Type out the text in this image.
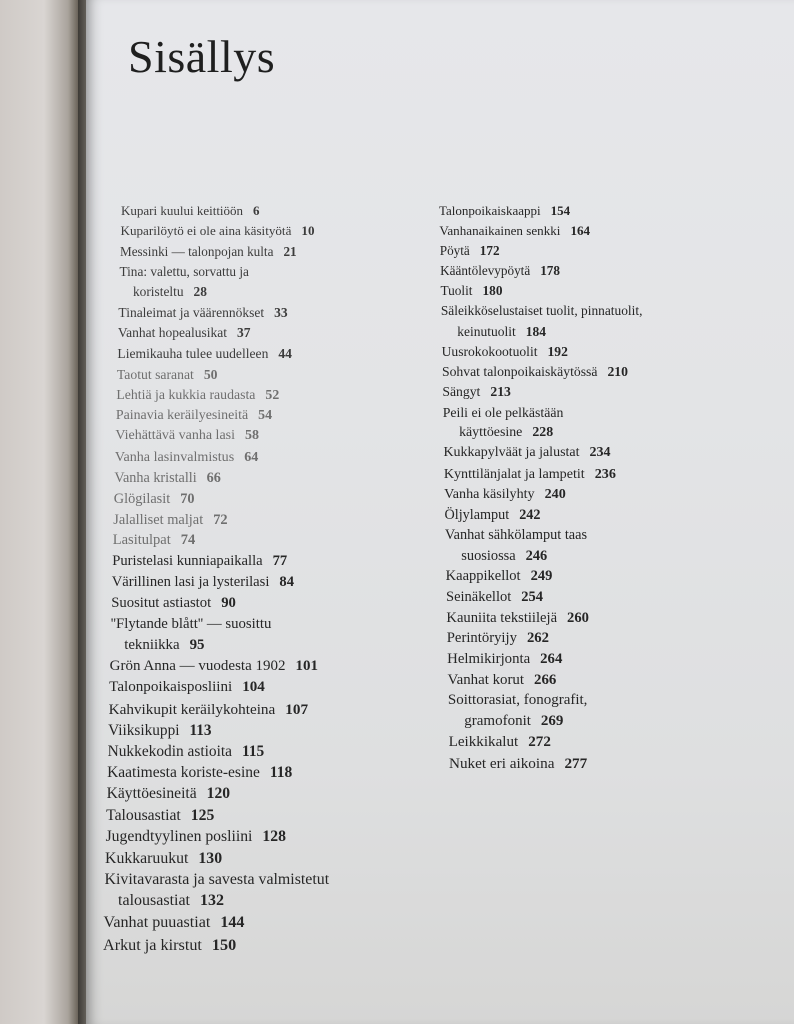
Sisällys
Kupari kuului keittiöön 6
Kuparilöytö ei ole aina käsityötä 10
Messinki — talonpojan kulta 21
Tina: valettu, sorvattu ja
koristeltu 28
Tinaleimat ja väärennökset 33
Vanhat hopealusikat 37
Liemikauha tulee uudelleen 44
Taotut saranat 50
Lehtiä ja kukkia raudasta 52
Painavia keräilyesineitä 54
Viehättävä vanha lasi 58
Vanha lasinvalmistus 64
Vanha kristalli 66
Glögilasit 70
Jalalliset maljat 72
Lasitulpat 74
Puristelasi kunniapaikalla 77
Värillinen lasi ja lysterilasi 84
Suositut astiastot 90
''Flytande blått'' — suosittu
tekniikka 95
Grön Anna — vuodesta 1902 101
Talonpoikaisposliini 104
Kahvikupit keräilykohteina 107
Viiksikuppi 113
Nukkekodin astioita 115
Kaatimesta koriste-esine 118
Käyttöesineitä 120
Talousastiat 125
Jugendtyylinen posliini 128
Kukkaruukut 130
Kivitavarasta ja savesta valmistetut
talousastiat 132
Vanhat puuastiat 144
Arkut ja kirstut 150
Talonpoikaiskaappi 154
Vanhanaikainen senkki 164
Pöytä 172
Kääntölevypöytä 178
Tuolit 180
Säleikköselustaiset tuolit, pinnatuolit,
keinutuolit 184
Uusrokokootuolit 192
Sohvat talonpoikaiskäytössä 210
Sängyt 213
Peili ei ole pelkästään
käyttöesine 228
Kukkapylväät ja jalustat 234
Kynttilänjalat ja lampetit 236
Vanha käsilyhty 240
Öljylamput 242
Vanhat sähkölamput taas
suosiossa 246
Kaappikellot 249
Seinäkellot 254
Kauniita tekstiilejä 260
Perintöryijy 262
Helmikirjonta 264
Vanhat korut 266
Soittorasiat, fonografit,
gramofonit 269
Leikkikalut 272
Nuket eri aikoina 277
